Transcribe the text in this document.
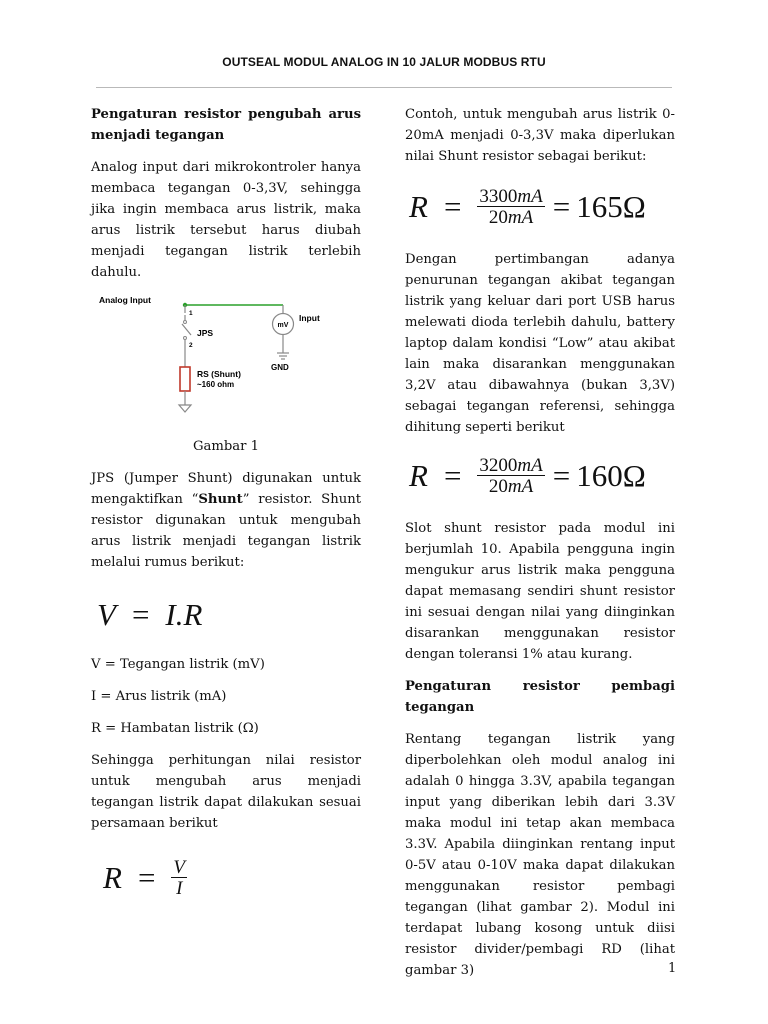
OUTSEAL MODUL ANALOG IN 10 JALUR MODBUS RTU
Pengaturan resistor pengubah arus menjadi tegangan

Analog input dari mikrokontroler hanya membaca tegangan 0-3,3V, sehingga jika ingin membaca arus listrik, maka arus listrik tersebut harus diubah menjadi tegangan listrik terlebih dahulu.

mV
Analog Input
Input
GND
1
JPS
2
RS (Shunt)
~160 ohm

Gambar 1

JPS (Jumper Shunt) digunakan untuk mengaktifkan “Shunt” resistor. Shunt resistor digunakan untuk mengubah arus listrik menjadi tegangan listrik melalui rumus berikut:

V = I.R

V = Tegangan listrik (mV)

I = Arus listrik (mA)

R = Hambatan listrik (Ω)

Sehingga perhitungan nilai resistor untuk mengubah arus menjadi tegangan listrik dapat dilakukan sesuai persamaan berikut

$R = \frac{V}{I}$

Contoh, untuk mengubah arus listrik 0-20mA menjadi 0-3,3V maka diperlukan nilai Shunt resistor sebagai berikut:

$R = \frac{3300mA}{20mA} = 165\Omega$

Dengan pertimbangan adanya penurunan tegangan akibat tegangan listrik yang keluar dari port USB harus melewati dioda terlebih dahulu, battery laptop dalam kondisi “Low” atau akibat lain maka disarankan menggunakan 3,2V atau dibawahnya (bukan 3,3V) sebagai tegangan referensi, sehingga dihitung seperti berikut

$R = \frac{3200mA}{20mA} = 160\Omega$

Slot shunt resistor pada modul ini berjumlah 10. Apabila pengguna ingin mengukur arus listrik maka pengguna dapat memasang sendiri shunt resistor ini sesuai dengan nilai yang diinginkan disarankan menggunakan resistor dengan toleransi 1% atau kurang.

Pengaturan resistor pembagi tegangan

Rentang tegangan listrik yang diperbolehkan oleh modul analog ini adalah 0 hingga 3.3V, apabila tegangan input yang diberikan lebih dari 3.3V maka modul ini tetap akan membaca 3.3V. Apabila diinginkan rentang input 0-5V atau 0-10V maka dapat dilakukan menggunakan resistor pembagi tegangan (lihat gambar 2). Modul ini terdapat lubang kosong untuk diisi resistor divider/pembagi RD (lihat gambar 3)	1
